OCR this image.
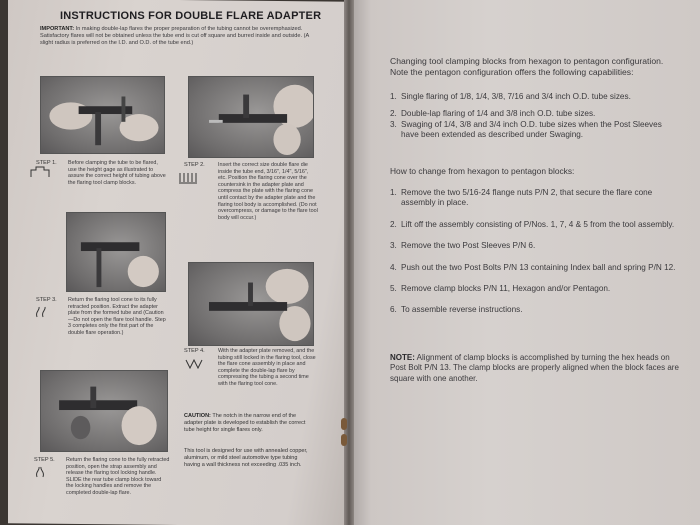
INSTRUCTIONS FOR DOUBLE FLARE ADAPTER
IMPORTANT: In making double-lap flares the proper preparation of the tubing cannot be overemphasized. Satisfactory flares will not be obtained unless the tube end is cut off square and burred inside and outside. (A slight radius is preferred on the I.D. and O.D. of the tube end.)
STEP 1. Before clamping the tube to be flared, use the height gage as illustrated to assure the correct height of tubing above the flaring tool clamp blocks.
STEP 2. Insert the correct size double flare die inside the tube end, 3/16", 1/4", 5/16", etc. Position the flaring cone over the countersink in the adapter plate and compress the plate with the flaring cone until contact by the adapter plate and the flaring tool body is accomplished. (Do not overcompress, or damage to the flare tool body will occur.)
STEP 3. Return the flaring tool cone to its fully retracted position. Extract the adapter plate from the formed tube and (Caution—Do not open the flare tool handle. Step 3 completes only the first part of the double flare operation.)
STEP 4. With the adapter plate removed, and the tubing still locked in the flaring tool, close the flare cone assembly in place and complete the double-lap flare by compressing the tubing a second time with the flaring tool cone.
STEP 5. Return the flaring cone to the fully retracted position, open the strap assembly and release the flaring tool locking handle. SLIDE the rear tube clamp block toward the locking handles and remove the completed double-lap flare.
CAUTION: The notch in the narrow end of the adapter plate is developed to establish the correct tube height for single flares only.
This tool is designed for use with annealed copper, aluminum, or mild steel automotive type tubing having a wall thickness not exceeding .035 inch.
Changing tool clamping blocks from hexagon to pentagon configuration. Note the pentagon configuration offers the following capabilities:
1. Single flaring of 1/8, 1/4, 3/8, 7/16 and 3/4 inch O.D. tube sizes.
2. Double-lap flaring of 1/4 and 3/8 inch O.D. tube sizes.
3. Swaging of 1/4, 3/8 and 3/4 inch O.D. tube sizes when the Post Sleeves have been extended as described under Swaging.
How to change from hexagon to pentagon blocks:
1. Remove the two 5/16-24 flange nuts P/N 2, that secure the flare cone assembly in place.
2. Lift off the assembly consisting of P/Nos. 1, 7, 4 & 5 from the tool assembly.
3. Remove the two Post Sleeves P/N 6.
4. Push out the two Post Bolts P/N 13 containing Index ball and spring P/N 12.
5. Remove clamp blocks P/N 11, Hexagon and/or Pentagon.
6. To assemble reverse instructions.
NOTE: Alignment of clamp blocks is accomplished by turning the hex heads on Post Bolt P/N 13. The clamp blocks are properly aligned when the block faces are square with one another.
